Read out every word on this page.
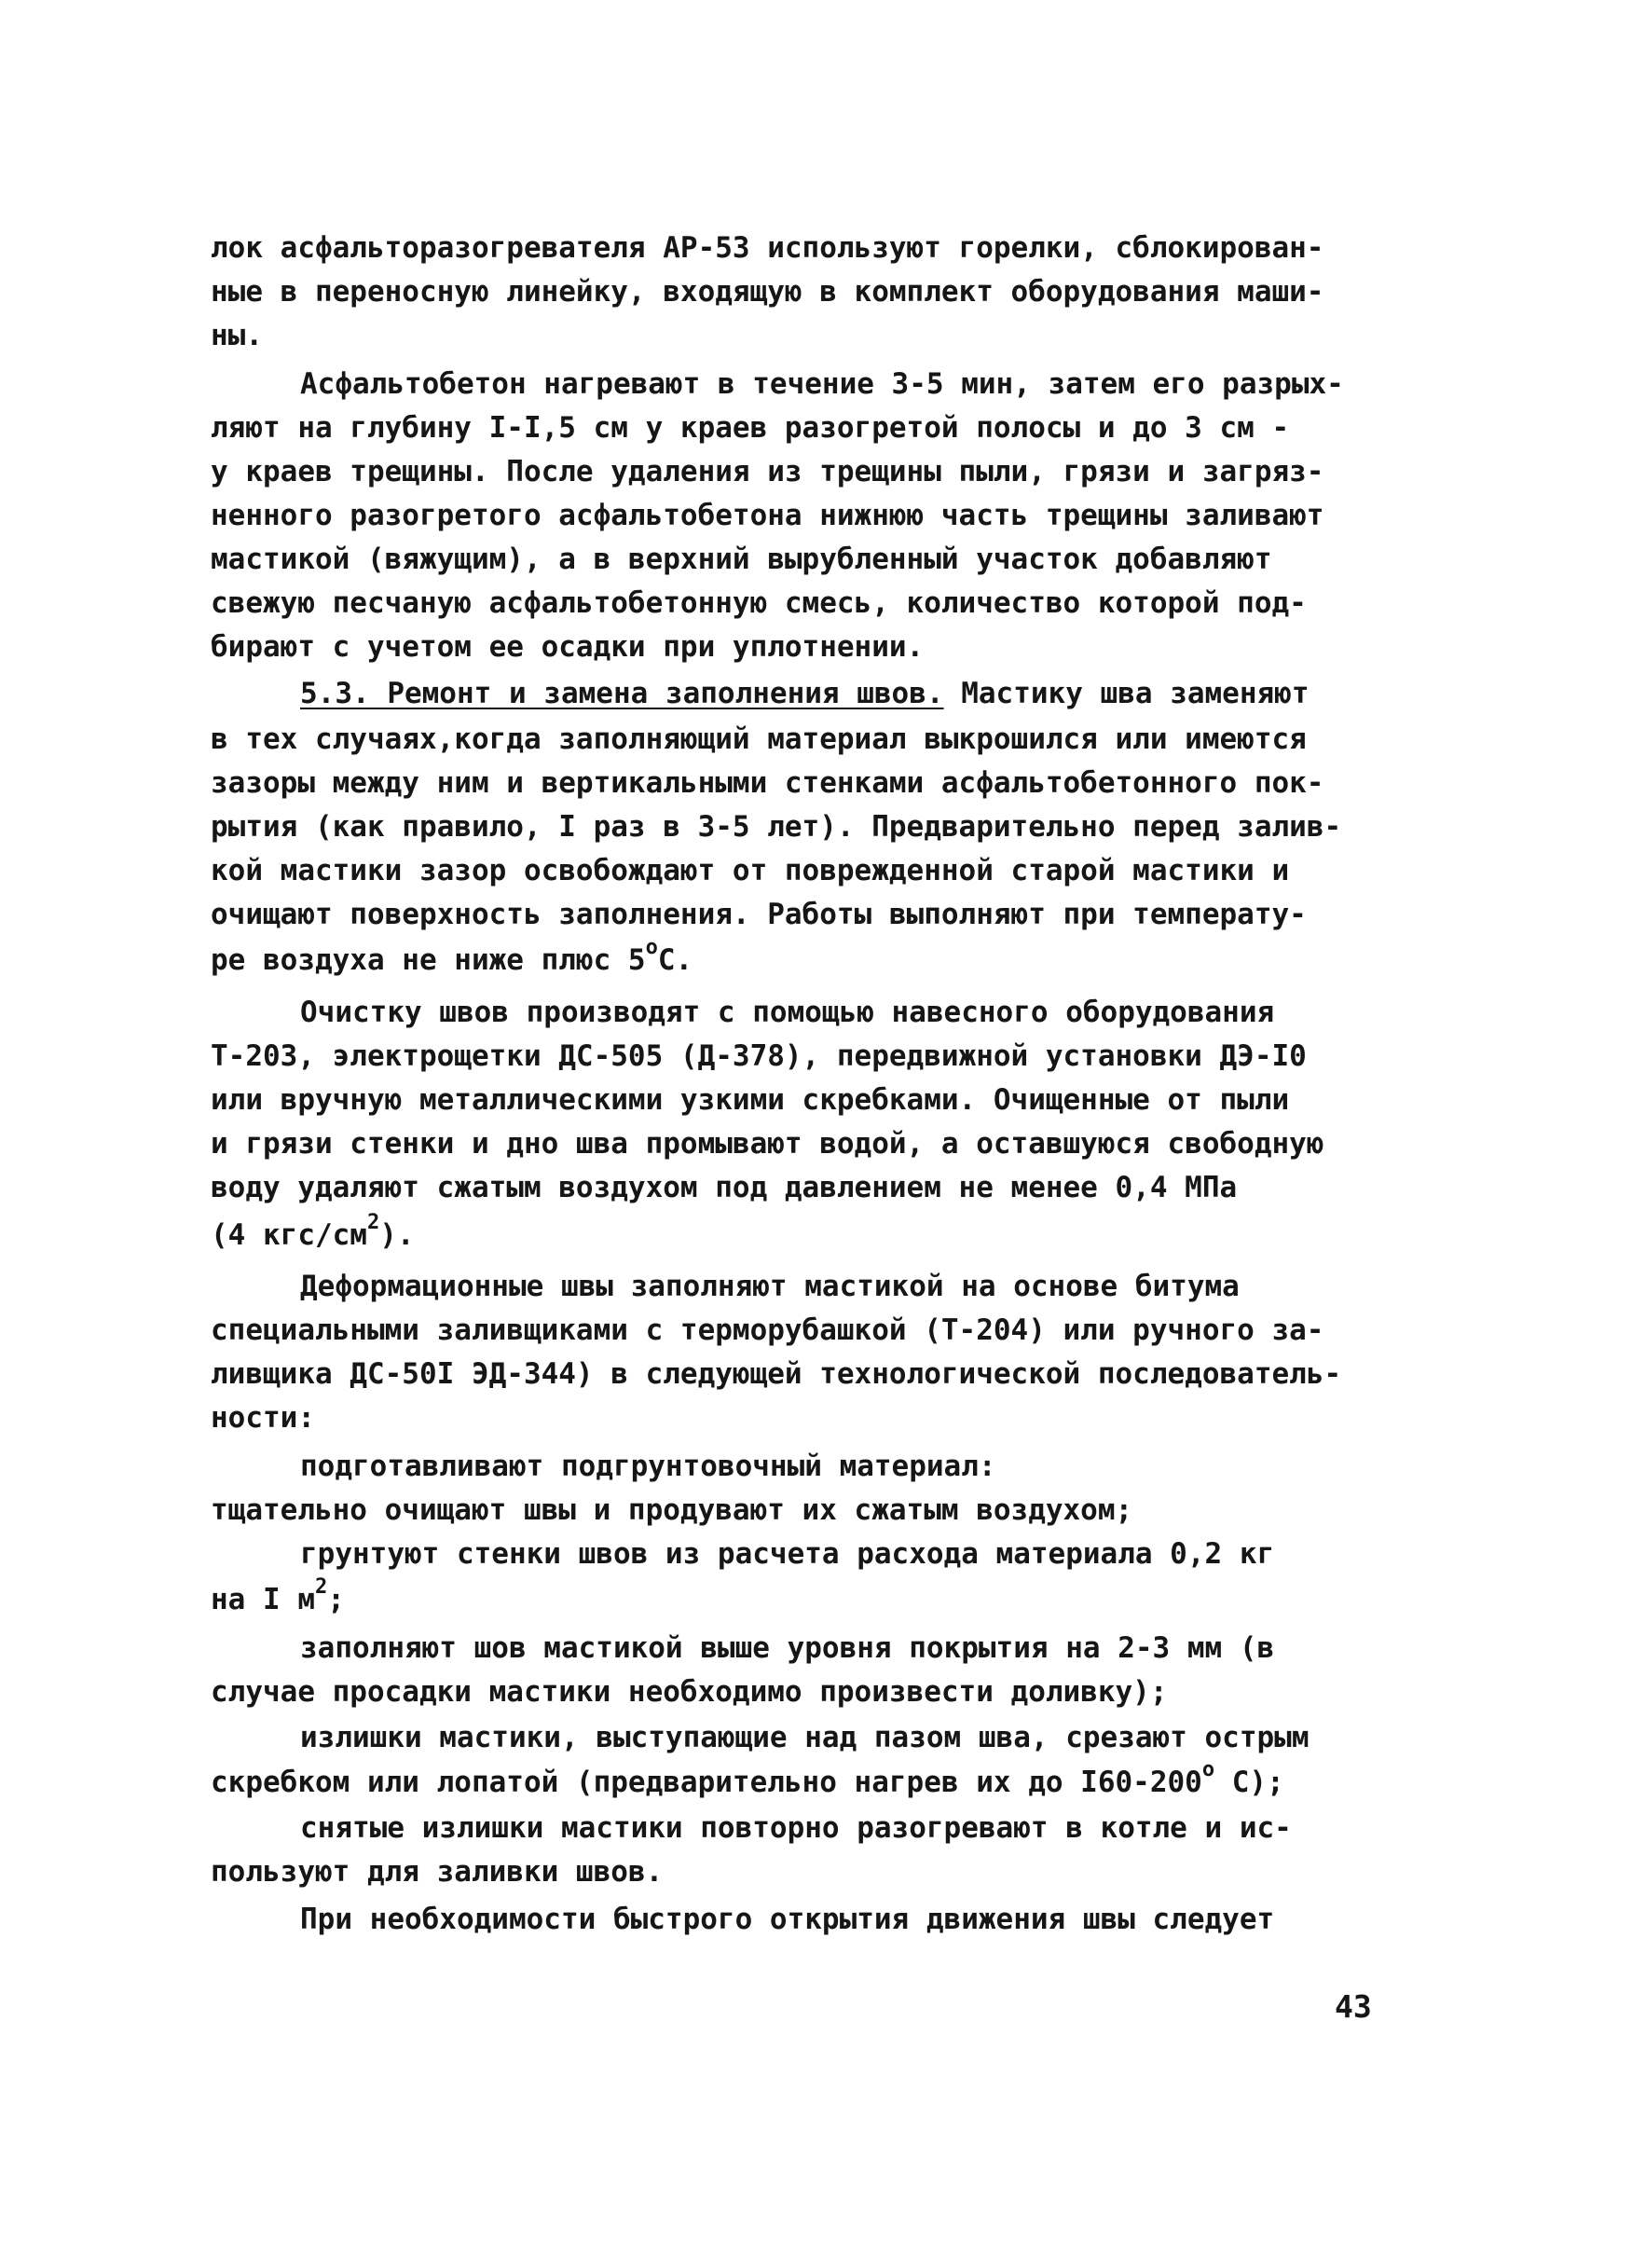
лок асфальторазогревателя АР-53 используют горелки, сблокирован-
ные в переносную линейку, входящую в комплект оборудования маши-
ны.
Асфальтобетон нагревают в течение 3-5 мин, затем его разрых-
ляют на глубину I-I,5 см у краев разогретой полосы и до 3 см -
у краев трещины. После удаления из трещины пыли, грязи и загряз-
ненного разогретого асфальтобетона нижнюю часть трещины заливают
мастикой (вяжущим), а в верхний вырубленный участок добавляют
свежую песчаную асфальтобетонную смесь, количество которой под-
бирают с учетом ее осадки при уплотнении.
5.3. Ремонт и замена заполнения швов. Мастику шва заменяют
в тех случаях,когда заполняющий материал выкрошился или имеются
зазоры между ним и вертикальными стенками асфальтобетонного пок-
рытия (как правило, I раз в 3-5 лет). Предварительно перед залив-
кой мастики зазор освобождают от поврежденной старой мастики и
очищают поверхность заполнения. Работы выполняют при температу-
ре воздуха не ниже плюс $5^оС$.
Очистку швов производят с помощью навесного оборудования
Т-203, электрощетки ДС-505 (Д-378), передвижной установки ДЭ-I0
или вручную металлическими узкими скребками. Очищенные от пыли
и грязи стенки и дно шва промывают водой, а оставшуюся свободную
воду удаляют сжатым воздухом под давлением не менее 0,4 МПа
(4 кгс/$см^2$).
Деформационные швы заполняют мастикой на основе битума
специальными заливщиками с терморубашкой (Т-204) или ручного за-
ливщика ДС-50I ЭД-344) в следующей технологической последователь-
ности:
подготавливают подгрунтовочный материал:
тщательно очищают швы и продувают их сжатым воздухом;
грунтуют стенки швов из расчета расхода материала 0,2 кг
на I $м^2$;
заполняют шов мастикой выше уровня покрытия на 2-3 мм (в
случае просадки мастики необходимо произвести доливку);
излишки мастики, выступающие над пазом шва, срезают острым
скребком или лопатой (предварительно нагрев их до $I60-200^о$ С);
снятые излишки мастики повторно разогревают в котле и ис-
пользуют для заливки швов.
При необходимости быстрого открытия движения швы следует
43
